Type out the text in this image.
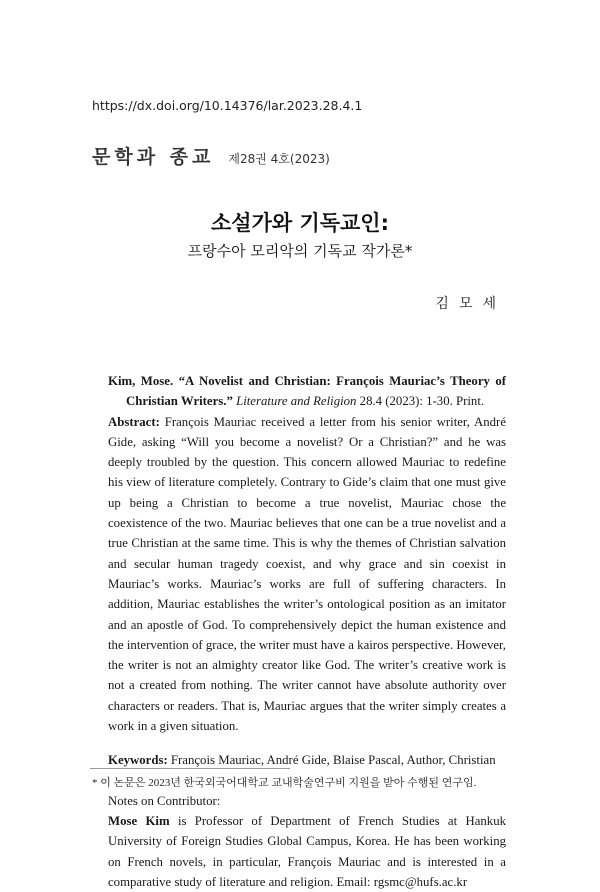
https://dx.doi.org/10.14376/lar.2023.28.4.1
문학과 종교 제28권 4호(2023)
소설가와 기독교인:
프랑수아 모리악의 기독교 작가론*
김모세

Kim, Mose. “A Novelist and Christian: François Mauriac’s Theory of Christian Writers.” Literature and Religion 28.4 (2023): 1-30. Print.

Abstract: François Mauriac received a letter from his senior writer, André Gide, asking “Will you become a novelist? Or a Christian?” and he was deeply troubled by the question. This concern allowed Mauriac to redefine his view of literature completely. Contrary to Gide’s claim that one must give up being a Christian to become a true novelist, Mauriac chose the coexistence of the two. Mauriac believes that one can be a true novelist and a true Christian at the same time. This is why the themes of Christian salvation and secular human tragedy coexist, and why grace and sin coexist in Mauriac’s works. Mauriac’s works are full of suffering characters. In addition, Mauriac establishes the writer’s ontological position as an imitator and an apostle of God. To comprehensively depict the human existence and the intervention of grace, the writer must have a kairos perspective. However, the writer is not an almighty creator like God. The writer’s creative work is not a created from nothing. The writer cannot have absolute authority over characters or readers. That is, Mauriac argues that the writer simply creates a work in a given situation.

Keywords: François Mauriac, André Gide, Blaise Pascal, Author, Christian

Notes on Contributor:

Mose Kim is Professor of Department of French Studies at Hankuk University of Foreign Studies Global Campus, Korea. He has been working on French novels, in particular, François Mauriac and is interested in a comparative study of literature and religion. Email: rgsmc@hufs.ac.kr

* 이 논문은 2023년 한국외국어대학교 교내학술연구비 지원을 받아 수행된 연구임.
